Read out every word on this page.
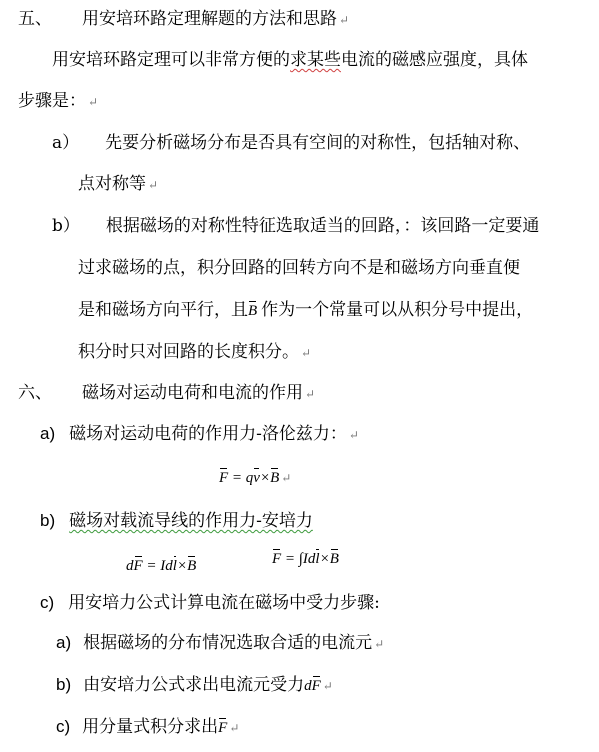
五、 用安培环路定理解题的方法和思路 ↵
用安培环路定理可以非常方便的求某些电流的磁感应强度，具体
步骤是： ↵
a） 先要分析磁场分布是否具有空间的对称性，包括轴对称、
点对称等 ↵
b） 根据磁场的对称性特征选取适当的回路，：该回路一定要通
过求磁场的点，积分回路的回转方向不是和磁场方向垂直便
是和磁场方向平行，且B 作为一个常量可以从积分号中提出，
积分时只对回路的长度积分。 ↵
六、 磁场对运动电荷和电流的作用 ↵
a) 磁场对运动电荷的作用力-洛伦兹力： ↵
F = qv×B ↵
b) 磁场对载流导线的作用力-安培力
dF = Idl×B	F = ∫Idl×B
c) 用安培力公式计算电流在磁场中受力步骤:
a) 根据磁场的分布情况选取合适的电流元 ↵
b) 由安培力公式求出电流元受力dF ↵
c) 用分量式积分求出F ↵
